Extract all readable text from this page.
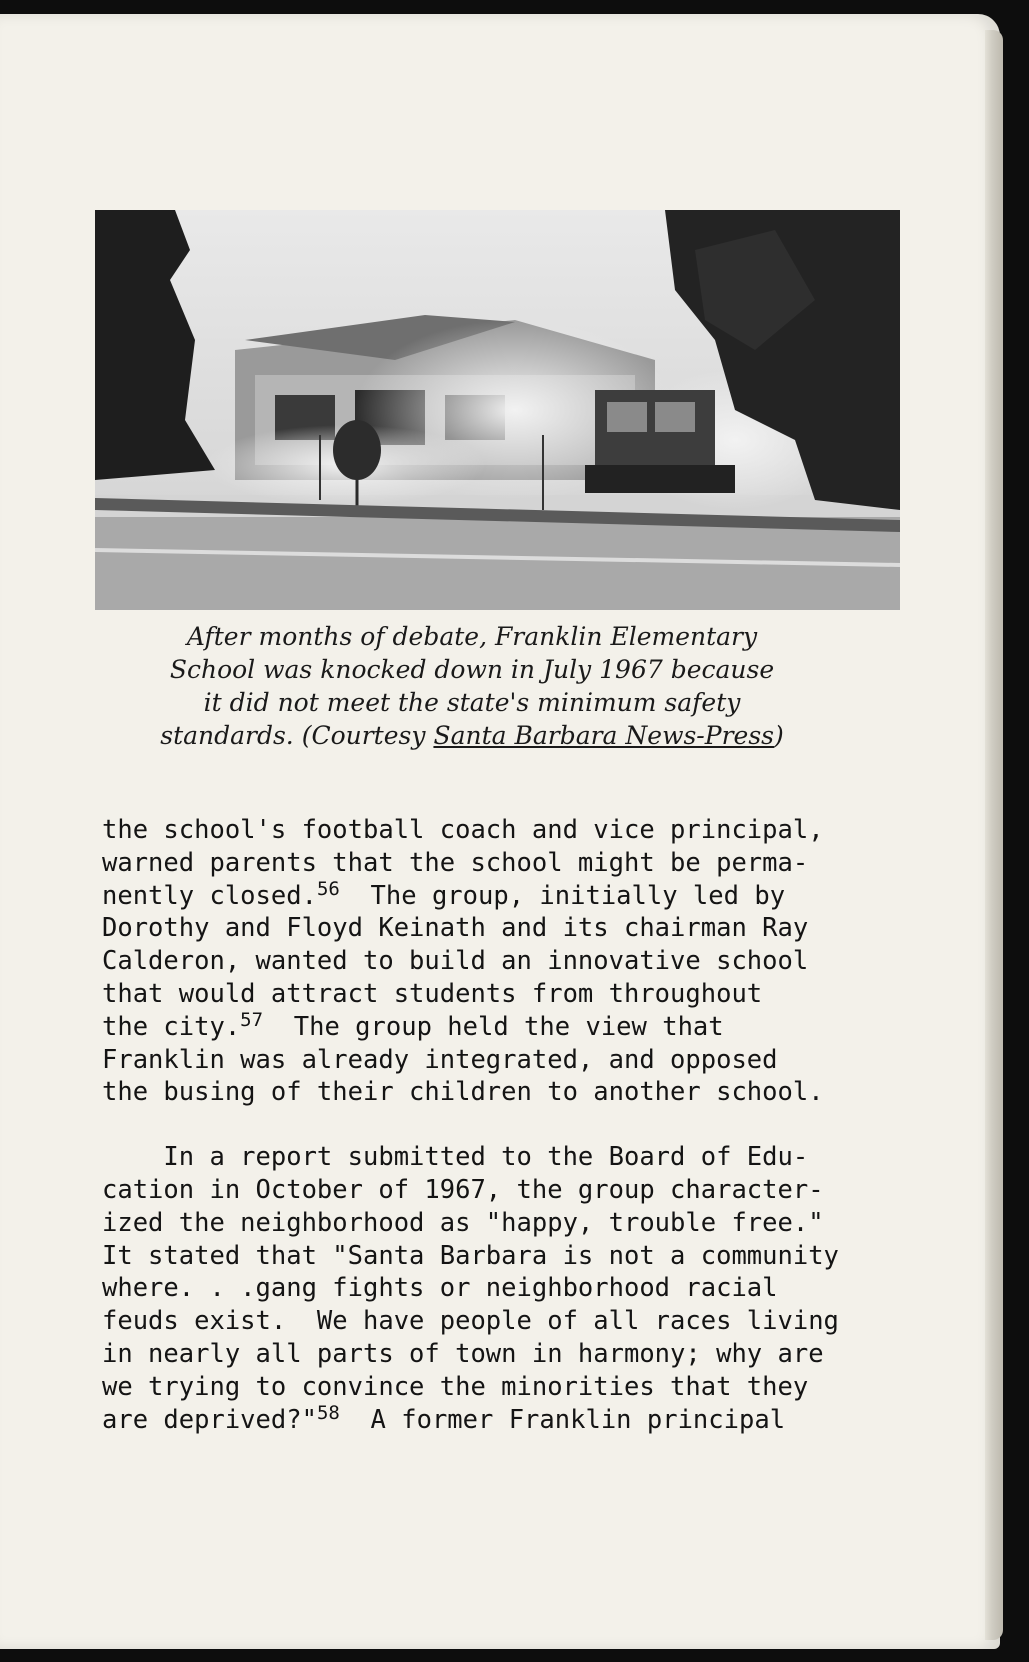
After months of debate, Franklin Elementary
School was knocked down in July 1967 because
it did not meet the state's minimum safety
standards. (Courtesy Santa Barbara News-Press)

the school's football coach and vice principal,

warned parents that the school might be perma-

nently closed.$^{56}$  The group, initially led by

Dorothy and Floyd Keinath and its chairman Ray

Calderon, wanted to build an innovative school

that would attract students from throughout

the city.$^{57}$  The group held the view that

Franklin was already integrated, and opposed

the busing of their children to another school.

In a report submitted to the Board of Edu-

cation in October of 1967, the group character-

ized the neighborhood as "happy, trouble free."

It stated that "Santa Barbara is not a community

where. . .gang fights or neighborhood racial

feuds exist.  We have people of all races living

in nearly all parts of town in harmony; why are

we trying to convince the minorities that they

are deprived?"$^{58}$  A former Franklin principal
